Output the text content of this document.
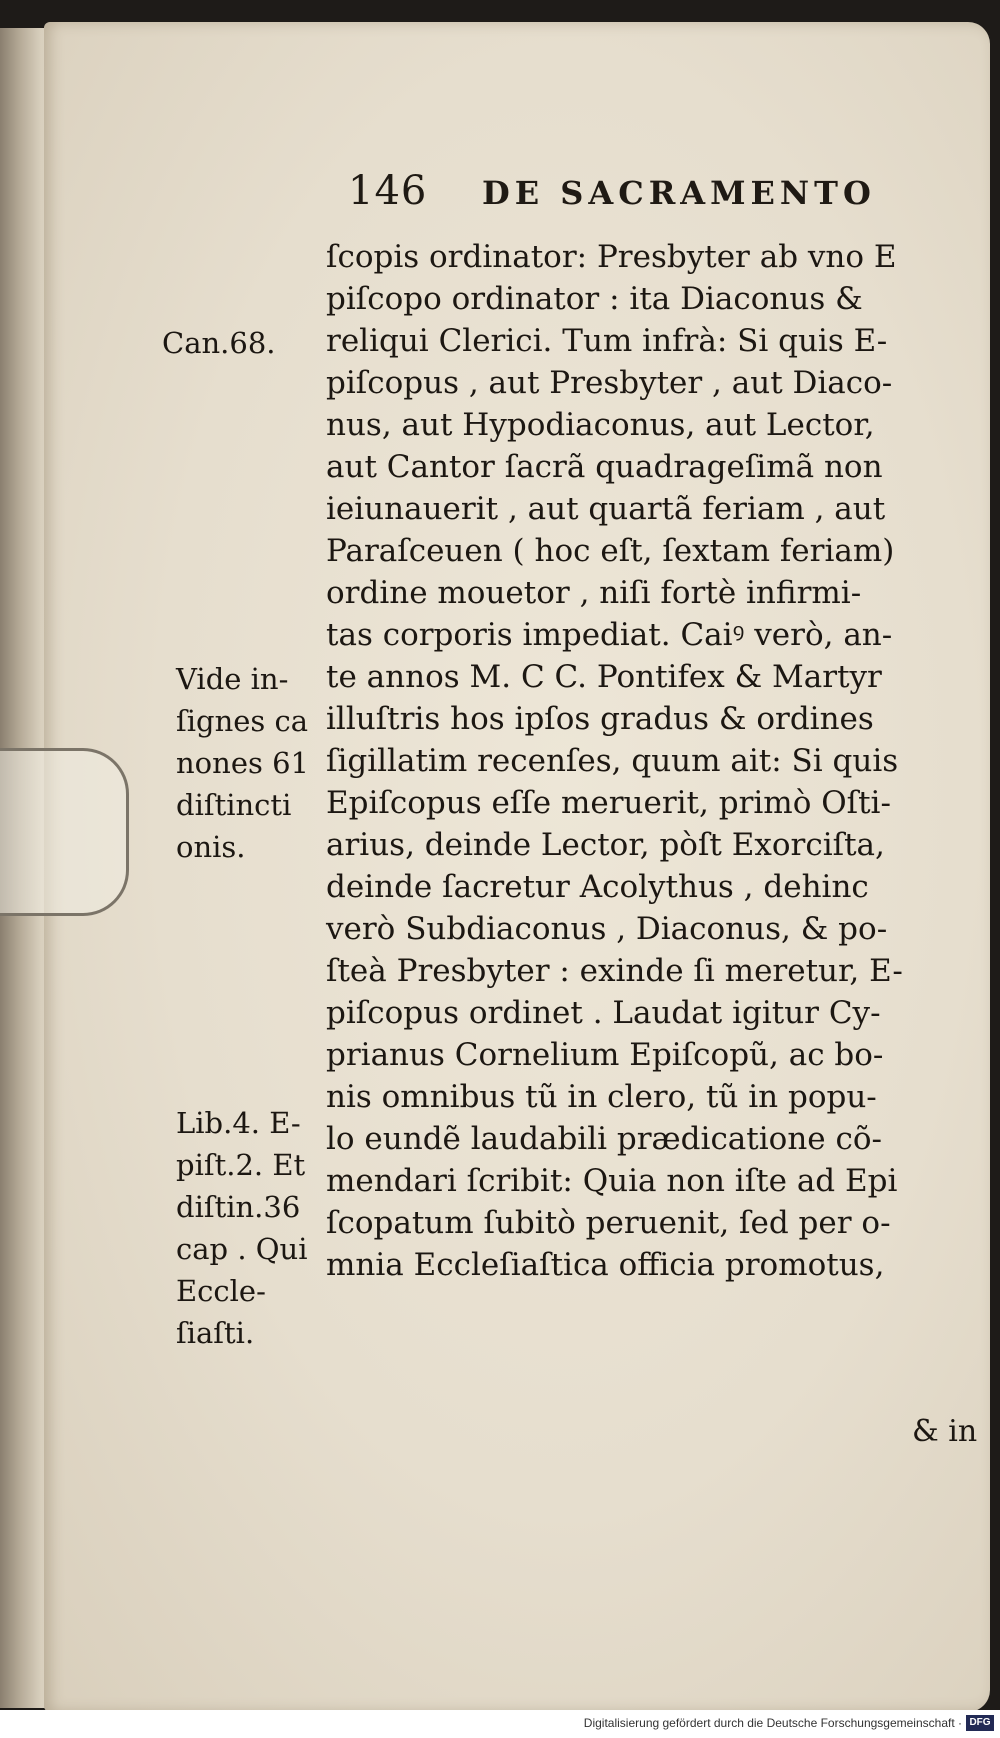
146 DE SACRAMENTO
ſcopis ordinator: Presbyter ab vno E
piſcopo ordinator : ita Diaconus &
reliqui Clerici. Tum infrà: Si quis E-
piſcopus , aut Presbyter , aut Diaco-
nus, aut Hypodiaconus, aut Lector,
aut Cantor ſacrã quadrageſimã non
ieiunauerit , aut quartã feriam , aut
Paraſceuen ( hoc eſt, ſextam feriam)
ordine mouetor , niſi fortè infirmi-
tas corporis impediat. Caiꝰ verò, an-
te annos M. C C. Pontifex & Martyr
illuſtris hos ipſos gradus & ordines
ſigillatim recenſes, quum ait: Si quis
Epiſcopus eſſe meruerit, primò Oſti-
arius, deinde Lector, pòſt Exorciſta,
deinde ſacretur Acolythus , dehinc
verò Subdiaconus , Diaconus, & po-
ſteà Presbyter : exinde ſi meretur, E-
piſcopus ordinet . Laudat igitur Cy-
prianus Cornelium Epiſcopũ, ac bo-
nis omnibus tũ in clero, tũ in popu-
lo eundẽ laudabili prædicatione cõ-
mendari ſcribit: Quia non iſte ad Epi
ſcopatum ſubitò peruenit, ſed per o-
mnia Eccleſiaſtica officia promotus,
Can.68.
Vide in-
ſignes ca
nones 61
diſtincti
onis.
Lib.4. E-
piſt.2. Et
diſtin.36
cap . Qui
Eccle-
ſiaſti.
& in
Digitalisierung gefördert durch die Deutsche Forschungsgemeinschaft · DFG
